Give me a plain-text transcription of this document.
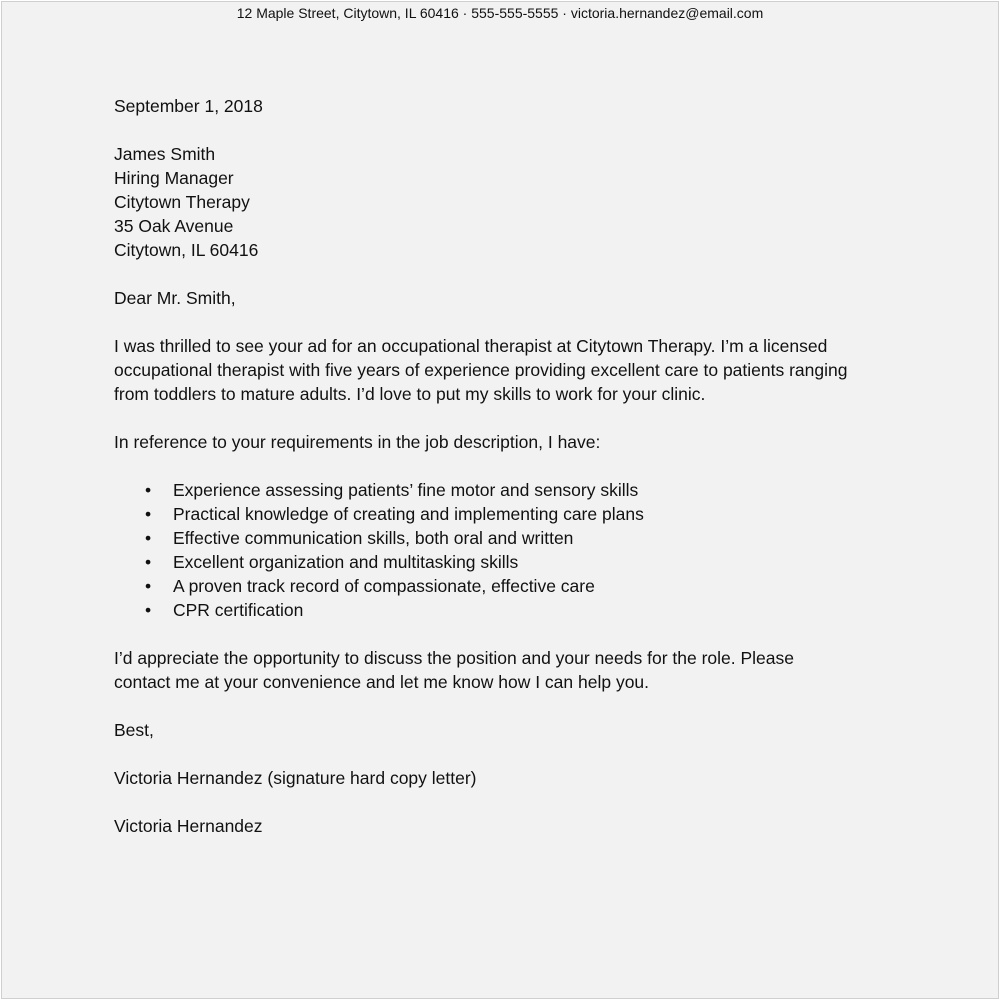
12 Maple Street, Citytown, IL 60416 · 555-555-5555 · victoria.hernandez@email.com
September 1, 2018
James Smith
Hiring Manager
Citytown Therapy
35 Oak Avenue
Citytown, IL 60416
Dear Mr. Smith,
I was thrilled to see your ad for an occupational therapist at Citytown Therapy. I’m a licensed
occupational therapist with five years of experience providing excellent care to patients ranging
from toddlers to mature adults. I’d love to put my skills to work for your clinic.
In reference to your requirements in the job description, I have:
• Experience assessing patients’ fine motor and sensory skills
• Practical knowledge of creating and implementing care plans
• Effective communication skills, both oral and written
• Excellent organization and multitasking skills
• A proven track record of compassionate, effective care
• CPR certification
I’d appreciate the opportunity to discuss the position and your needs for the role. Please
contact me at your convenience and let me know how I can help you.
Best,
Victoria Hernandez (signature hard copy letter)
Victoria Hernandez
